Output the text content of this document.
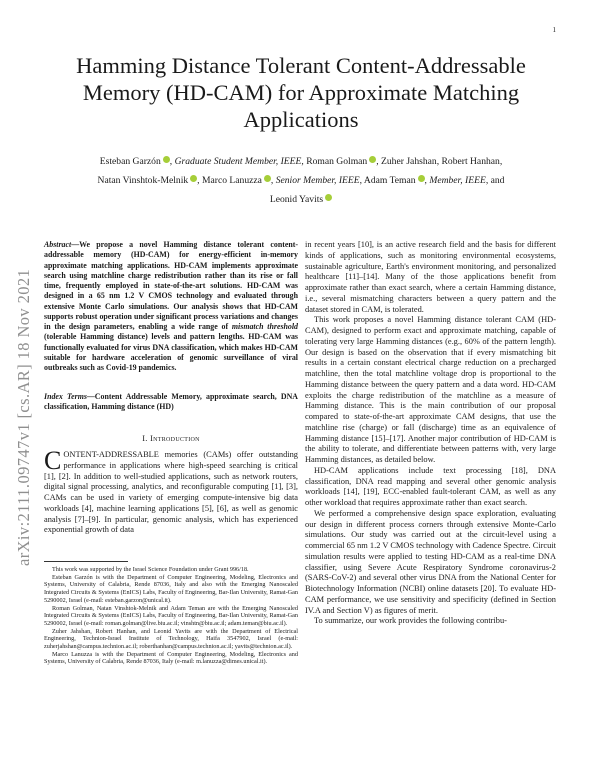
1
arXiv:2111.09747v1 [cs.AR] 18 Nov 2021
Hamming Distance Tolerant Content-Addressable Memory (HD-CAM) for Approximate Matching Applications
Esteban Garzón , Graduate Student Member, IEEE, Roman Golman , Zuher Jahshan, Robert Hanhan,
Natan Vinshtok-Melnik , Marco Lanuzza , Senior Member, IEEE, Adam Teman , Member, IEEE, and
Leonid Yavits
Abstract—We propose a novel Hamming distance tolerant content-addressable memory (HD-CAM) for energy-efficient in-memory approximate matching applications. HD-CAM implements approximate search using matchline charge redistribution rather than its rise or fall time, frequently employed in state-of-the-art solutions. HD-CAM was designed in a 65 nm 1.2 V CMOS technology and evaluated through extensive Monte Carlo simulations. Our analysis shows that HD-CAM supports robust operation under significant process variations and changes in the design parameters, enabling a wide range of mismatch threshold (tolerable Hamming distance) levels and pattern lengths. HD-CAM was functionally evaluated for virus DNA classification, which makes HD-CAM suitable for hardware acceleration of genomic surveillance of viral outbreaks such as Covid-19 pandemics.
Index Terms—Content Addressable Memory, approximate search, DNA classification, Hamming distance (HD)
I. Introduction
CONTENT-ADDRESSABLE memories (CAMs) offer outstanding performance in applications where high-speed searching is critical [1], [2]. In addition to well-studied applications, such as network routers, digital signal processing, analytics, and reconfigurable computing [1], [3], CAMs can be used in variety of emerging compute-intensive big data workloads [4], machine learning applications [5], [6], as well as genomic analysis [7]–[9]. In particular, genomic analysis, which has experienced exponential growth of data

This work was supported by the Israel Science Foundation under Grant 996/18.

Esteban Garzón is with the Department of Computer Engineering, Modeling, Electronics and Systems, University of Calabria, Rende 87036, Italy and also with the Emerging Nanoscaled Integrated Circuits & Systems (EnICS) Labs, Faculty of Engineering, Bar-Ilan University, Ramat-Gan 5290002, Israel (e-mail: esteban.garzon@unical.it).

Roman Golman, Natan Vinshtok-Melnik and Adam Teman are with the Emerging Nanoscaled Integrated Circuits & Systems (EnICS) Labs, Faculty of Engineering, Bar-Ilan University, Ramat-Gan 5290002, Israel (e-mail: roman.golman@live.biu.ac.il; vinshtn@biu.ac.il; adam.teman@biu.ac.il).

Zuher Jahshan, Robert Hanhan, and Leonid Yavits are with the Department of Electrical Engineering, Technion-Israel Institute of Technology, Haifa 3547902, Israel (e-mail: zuherjahshan@campus.technion.ac.il; roberthanhan@campus.technion.ac.il; yavits@technion.ac.il).

Marco Lanuzza is with the Department of Computer Engineering, Modeling, Electronics and Systems, University of Calabria, Rende 87036, Italy (e-mail: m.lanuzza@dimes.unical.it).

in recent years [10], is an active research field and the basis for different kinds of applications, such as monitoring environmental ecosystems, sustainable agriculture, Earth's environment monitoring, and personalized healthcare [11]–[14]. Many of the those applications benefit from approximate rather than exact search, where a certain Hamming distance, i.e., several mismatching characters between a query pattern and the dataset stored in CAM, is tolerated.

This work proposes a novel Hamming distance tolerant CAM (HD-CAM), designed to perform exact and approximate matching, capable of tolerating very large Hamming distances (e.g., 60% of the pattern length). Our design is based on the observation that if every mismatching bit results in a certain constant electrical charge reduction on a precharged matchline, then the total matchline voltage drop is proportional to the Hamming distance between the query pattern and a data word. HD-CAM exploits the charge redistribution of the matchline as a measure of Hamming distance. This is the main contribution of our proposal compared to state-of-the-art approximate CAM designs, that use the matchline rise (charge) or fall (discharge) time as an equivalence of Hamming distance [15]–[17]. Another major contribution of HD-CAM is the ability to tolerate, and differentiate between patterns with, very large Hamming distances, as detailed below.

HD-CAM applications include text processing [18], DNA classification, DNA read mapping and several other genomic analysis workloads [14], [19], ECC-enabled fault-tolerant CAM, as well as any other workload that requires approximate rather than exact search.

We performed a comprehensive design space exploration, evaluating our design in different process corners through extensive Monte-Carlo simulations. Our study was carried out at the circuit-level using a commercial 65 nm 1.2 V CMOS technology with Cadence Spectre. Circuit simulation results were applied to testing HD-CAM as a real-time DNA classifier, using Severe Acute Respiratory Syndrome coronavirus-2 (SARS-CoV-2) and several other virus DNA from the National Center for Biotechnology Information (NCBI) online datasets [20]. To evaluate HD-CAM performance, we use sensitivity and specificity (defined in Section IV.A and Section V) as figures of merit.

To summarize, our work provides the following contribu-
